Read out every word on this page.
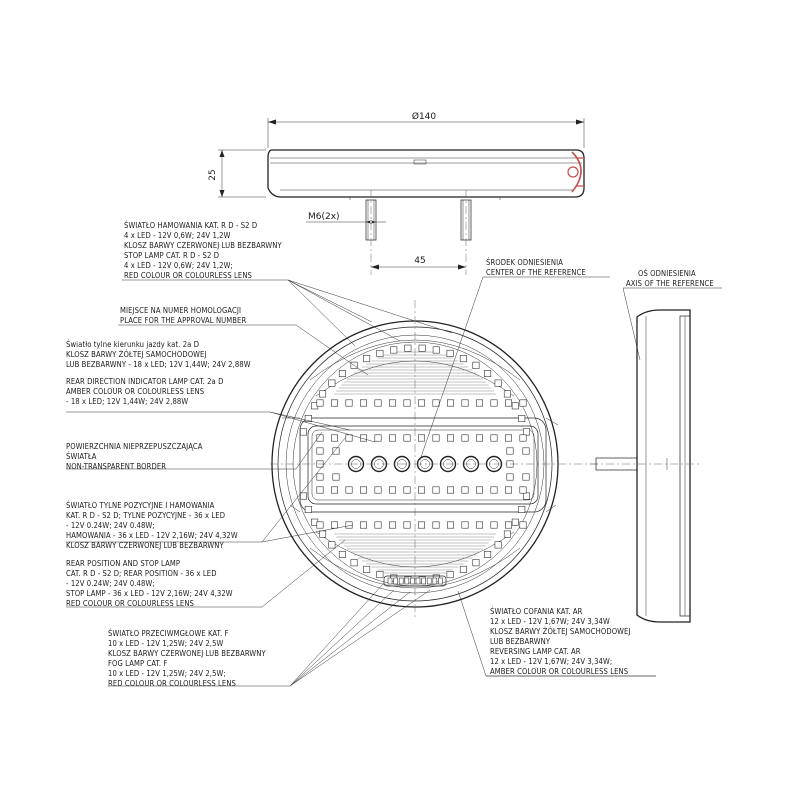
Ø140
25
M6(2x)
45
ŚWIATŁO HAMOWANIA KAT. R D - S2 D
4 x LED - 12V 0,6W; 24V 1,2W
KLOSZ BARWY CZERWONEJ LUB BEZBARWNY
STOP LAMP CAT. R D - S2 D
4 x LED - 12V 0,6W; 24V 1,2W;
RED COLOUR OR COLOURLESS LENS
MIEJSCE NA NUMER HOMOLOGACJI
PLACE FOR THE APPROVAL NUMBER
Światło tylne kierunku jazdy kat. 2a D
KLOSZ BARWY ŻÓŁTEJ SAMOCHODOWEJ
LUB BEZBARWNY - 18 x LED; 12V 1,44W; 24V 2,88W
REAR DIRECTION INDICATOR LAMP CAT. 2a D
AMBER COLOUR OR COLOURLESS LENS
- 18 x LED; 12V 1,44W; 24V 2,88W
POWIERZCHNIA NIEPRZEPUSZCZAJĄCA
ŚWIATŁA
NON-TRANSPARENT BORDER
ŚWIATŁO TYLNE POZYCYJNE I HAMOWANIA
KAT. R D - S2 D; TYLNE POZYCYJNE - 36 x LED
- 12V 0.24W; 24V 0.48W;
HAMOWANIA - 36 x LED - 12V 2,16W; 24V 4,32W
KLOSZ BARWY CZERWONEJ LUB BEZBARWNY
REAR POSITION AND STOP LAMP
CAT. R D - S2 D; REAR POSITION - 36 x LED
- 12V 0.24W; 24V 0.48W;
STOP LAMP - 36 x LED - 12V 2,16W; 24V 4,32W
RED COLOUR OR COLOURLESS LENS
ŚWIATŁO PRZECIWMGŁOWE KAT. F
10 x LED - 12V 1,25W; 24V 2,5W
KLOSZ BARWY CZERWONEJ LUB BEZBARWNY
FOG LAMP CAT. F
10 x LED - 12V 1,25W; 24V 2,5W;
RED COLOUR OR COLOURLESS LENS
ŚRODEK ODNIESIENIA
CENTER OF THE REFERENCE	OŚ ODNIESIENIA
AXIS OF THE REFERENCE
ŚWIATŁO COFANIA KAT. AR
12 x LED - 12V 1,67W; 24V 3,34W
KLOSZ BARWY ŻÓŁTEJ SAMOCHODOWEJ
LUB BEZBARWNY
REVERSING LAMP CAT. AR
12 x LED - 12V 1,67W; 24V 3,34W;
AMBER COLOUR OR COLOURLESS LENS
